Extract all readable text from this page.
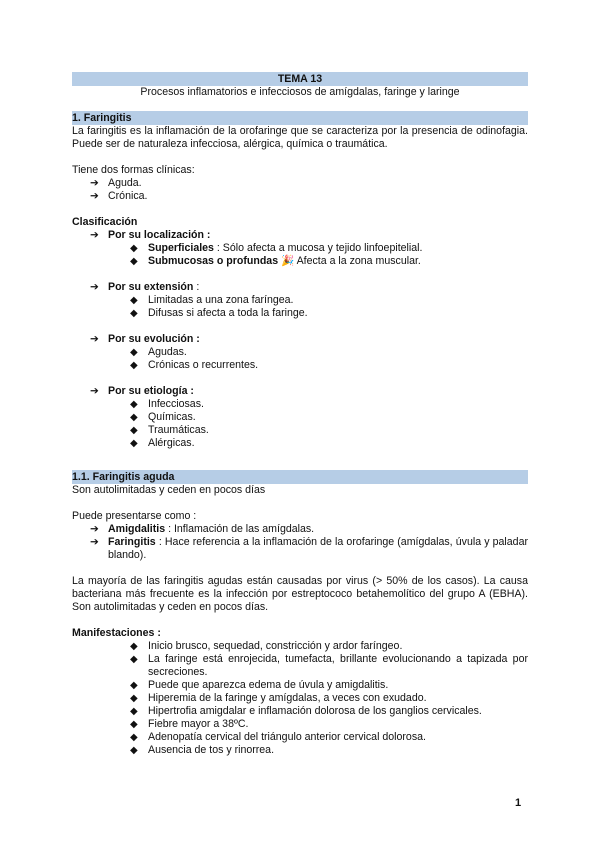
TEMA 13
Procesos inflamatorios e infecciosos de amígdalas, faringe y laringe
1. Faringitis
La faringitis es la inflamación de la orofaringe que se caracteriza por la presencia de odinofagia. Puede ser de naturaleza infecciosa, alérgica, química o traumática.
Tiene dos formas clínicas:
➔ Aguda.
➔ Crónica.
Clasificación
➔ Por su localización :
◆ Superficiales : Sólo afecta a mucosa y tejido linfoepitelial.
◆ Submucosas o profundas 🎉 Afecta a la zona muscular.
➔ Por su extensión :
◆ Limitadas a una zona faríngea.
◆ Difusas si afecta a toda la faringe.
➔ Por su evolución :
◆ Agudas.
◆ Crónicas o recurrentes.
➔ Por su etiología :
◆ Infecciosas.
◆ Químicas.
◆ Traumáticas.
◆ Alérgicas.
1.1. Faringitis aguda
Son autolimitadas y ceden en pocos días
Puede presentarse como :
➔ Amigdalitis : Inflamación de las amígdalas.
➔ Faringitis : Hace referencia a la inflamación de la orofaringe (amígdalas, úvula y paladar blando).
La mayoría de las faringitis agudas están causadas por virus (> 50% de los casos). La causa bacteriana más frecuente es la infección por estreptococo betahemolítico del grupo A (EBHA). Son autolimitadas y ceden en pocos días.
Manifestaciones :
◆ Inicio brusco, sequedad, constricción y ardor faríngeo.
◆ La faringe está enrojecida, tumefacta, brillante evolucionando a tapizada por secreciones.
◆ Puede que aparezca edema de úvula y amigdalitis.
◆ Hiperemia de la faringe y amígdalas, a veces con exudado.
◆ Hipertrofia amigdalar e inflamación dolorosa de los ganglios cervicales.
◆ Fiebre mayor a 38ºC.
◆ Adenopatía cervical del triángulo anterior cervical dolorosa.
◆ Ausencia de tos y rinorrea.
1
